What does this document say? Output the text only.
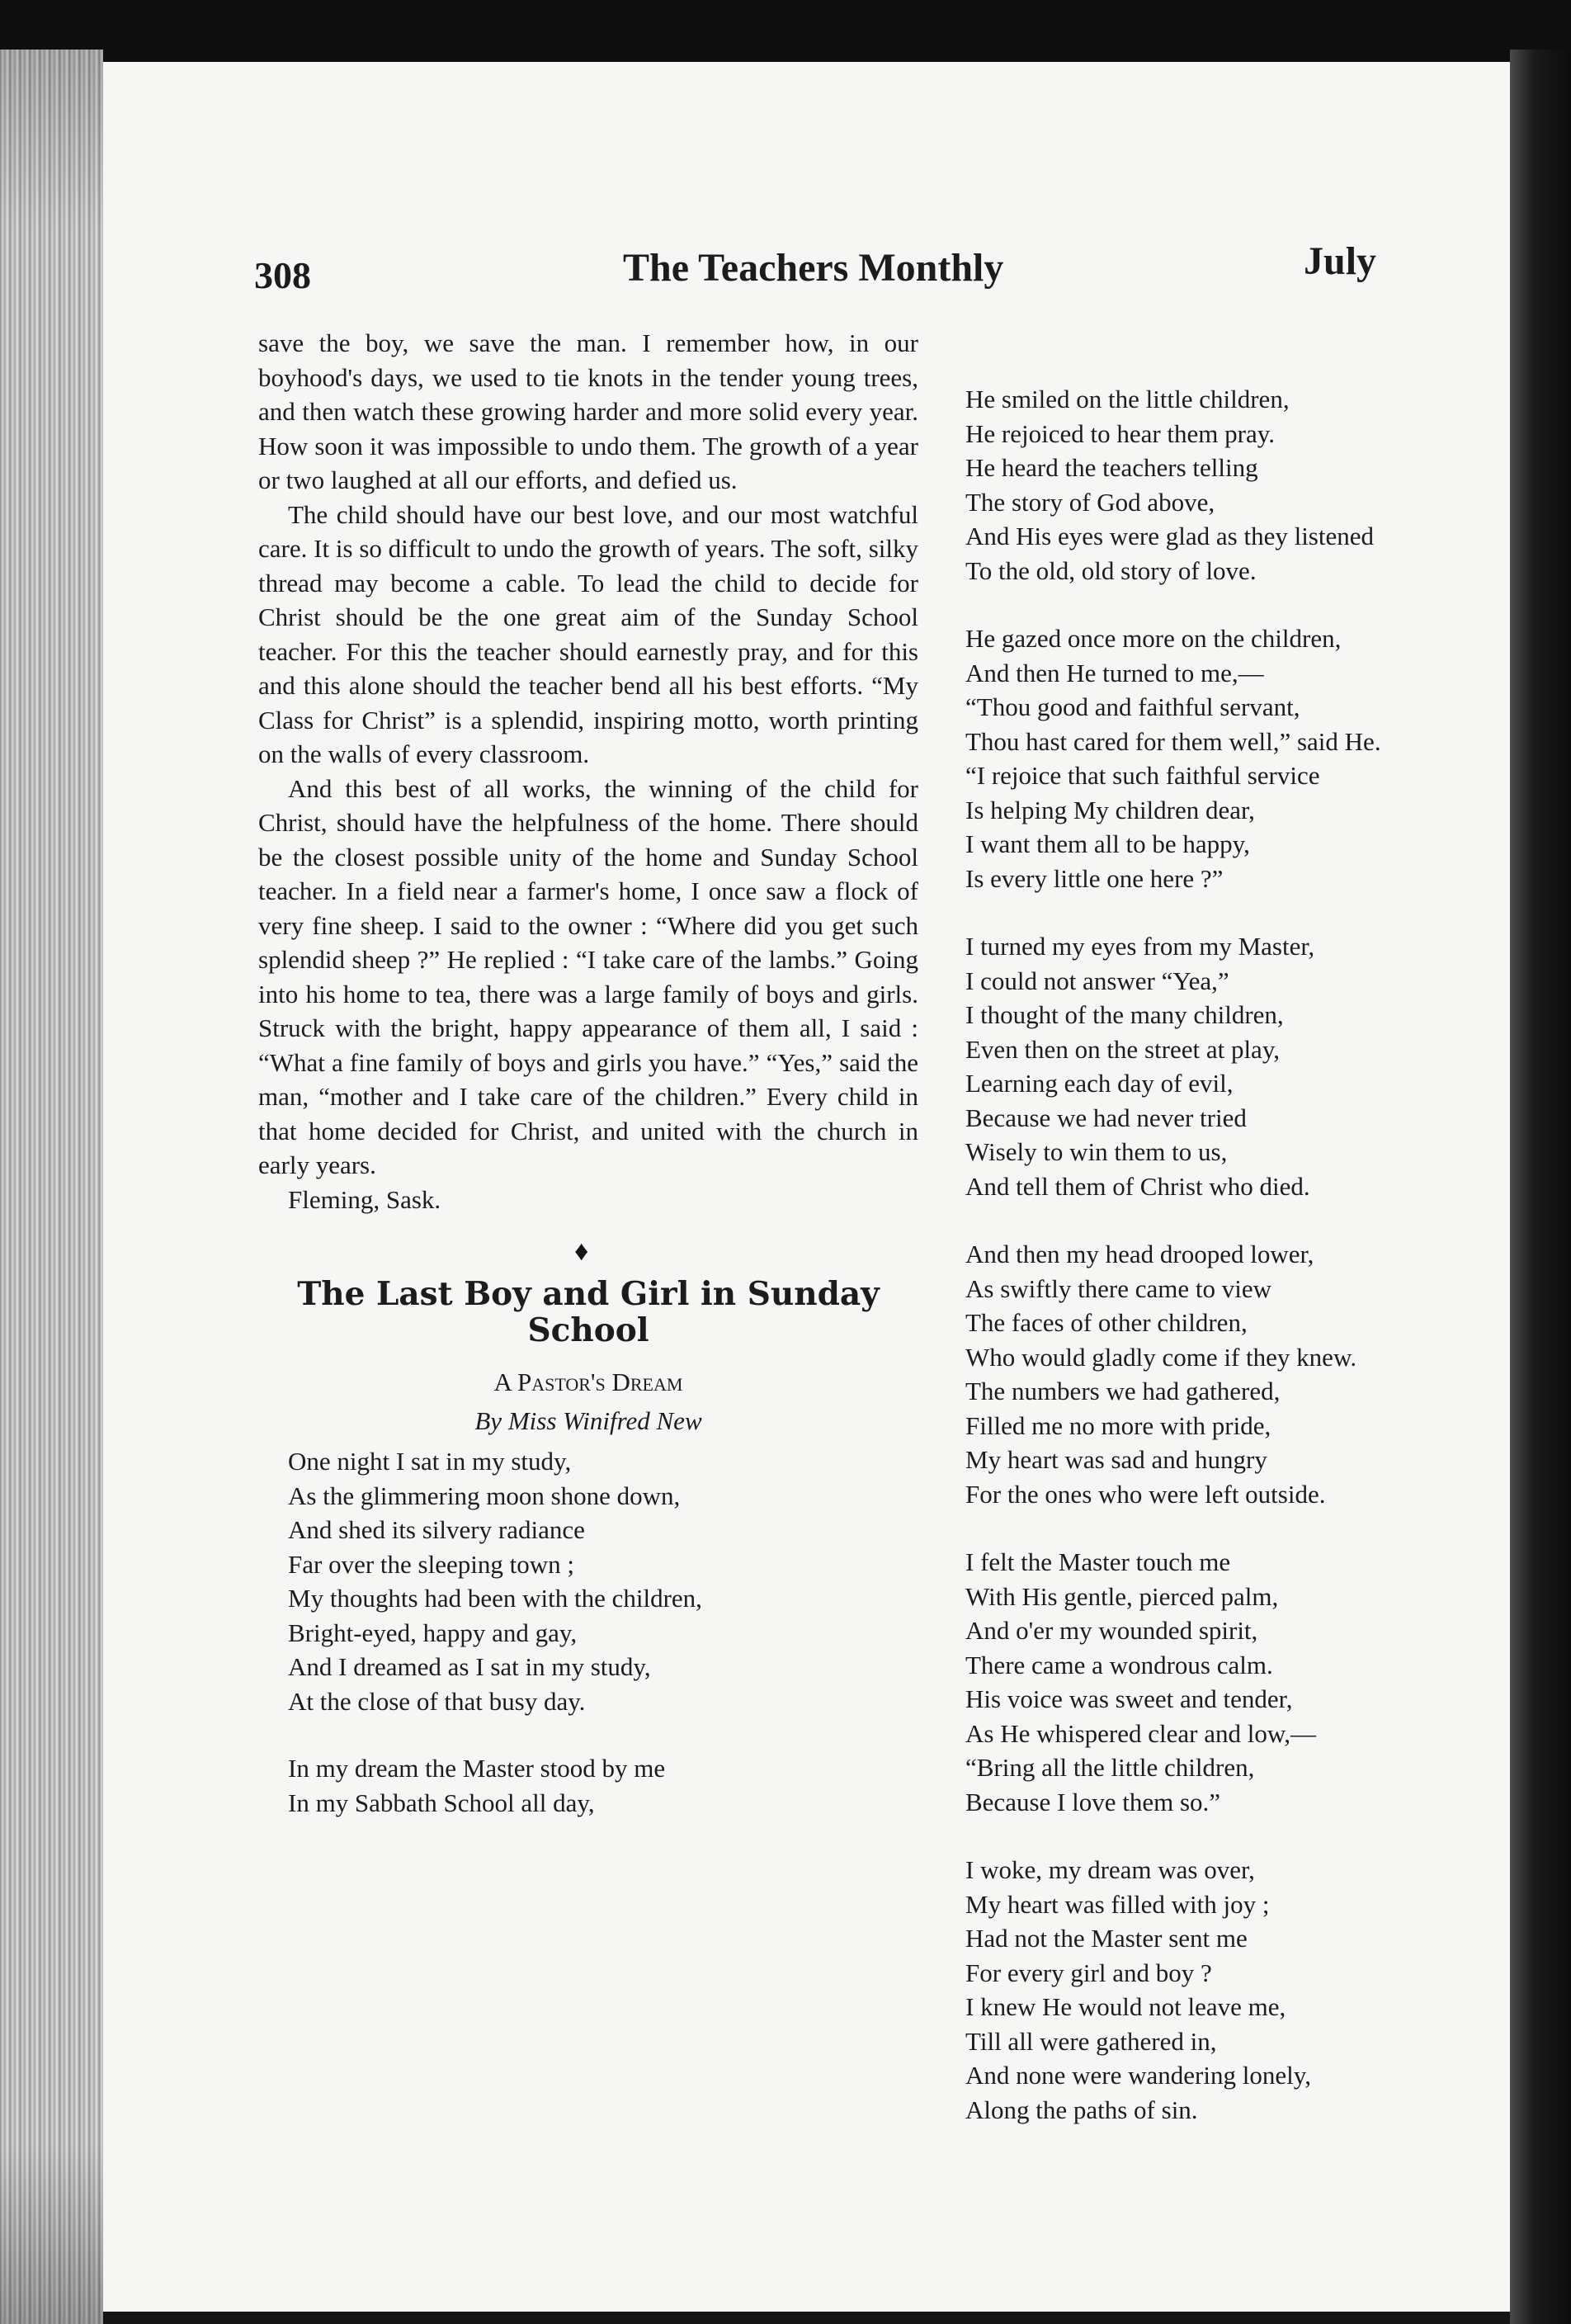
308	The Teachers Monthly	July

save the boy, we save the man. I remember how, in our boyhood's days, we used to tie knots in the tender young trees, and then watch these growing harder and more solid every year. How soon it was impossible to undo them. The growth of a year or two laughed at all our efforts, and defied us.

The child should have our best love, and our most watchful care. It is so difficult to undo the growth of years. The soft, silky thread may become a cable. To lead the child to decide for Christ should be the one great aim of the Sunday School teacher. For this the teacher should earnestly pray, and for this and this alone should the teacher bend all his best efforts. “My Class for Christ” is a splendid, inspiring motto, worth printing on the walls of every classroom.

And this best of all works, the winning of the child for Christ, should have the helpfulness of the home. There should be the closest possible unity of the home and Sunday School teacher. In a field near a farmer's home, I once saw a flock of very fine sheep. I said to the owner : “Where did you get such splendid sheep ?” He replied : “I take care of the lambs.” Going into his home to tea, there was a large family of boys and girls. Struck with the bright, happy appearance of them all, I said : “What a fine family of boys and girls you have.” “Yes,” said the man, “mother and I take care of the children.” Every child in that home decided for Christ, and united with the church in early years.

Fleming, Sask.

♦
The Last Boy and Girl in Sunday
School
A Pastor's Dream
By Miss Winifred New
One night I sat in my study,
As the glimmering moon shone down,
And shed its silvery radiance
Far over the sleeping town ;
My thoughts had been with the children,
Bright-eyed, happy and gay,
And I dreamed as I sat in my study,
At the close of that busy day.
In my dream the Master stood by me
In my Sabbath School all day,
He smiled on the little children,
He rejoiced to hear them pray.
He heard the teachers telling
The story of God above,
And His eyes were glad as they listened
To the old, old story of love.
He gazed once more on the children,
And then He turned to me,—
“Thou good and faithful servant,
Thou hast cared for them well,” said He.
“I rejoice that such faithful service
Is helping My children dear,
I want them all to be happy,
Is every little one here ?”
I turned my eyes from my Master,
I could not answer “Yea,”
I thought of the many children,
Even then on the street at play,
Learning each day of evil,
Because we had never tried
Wisely to win them to us,
And tell them of Christ who died.
And then my head drooped lower,
As swiftly there came to view
The faces of other children,
Who would gladly come if they knew.
The numbers we had gathered,
Filled me no more with pride,
My heart was sad and hungry
For the ones who were left outside.
I felt the Master touch me
With His gentle, pierced palm,
And o'er my wounded spirit,
There came a wondrous calm.
His voice was sweet and tender,
As He whispered clear and low,—
“Bring all the little children,
Because I love them so.”
I woke, my dream was over,
My heart was filled with joy ;
Had not the Master sent me
For every girl and boy ?
I knew He would not leave me,
Till all were gathered in,
And none were wandering lonely,
Along the paths of sin.
